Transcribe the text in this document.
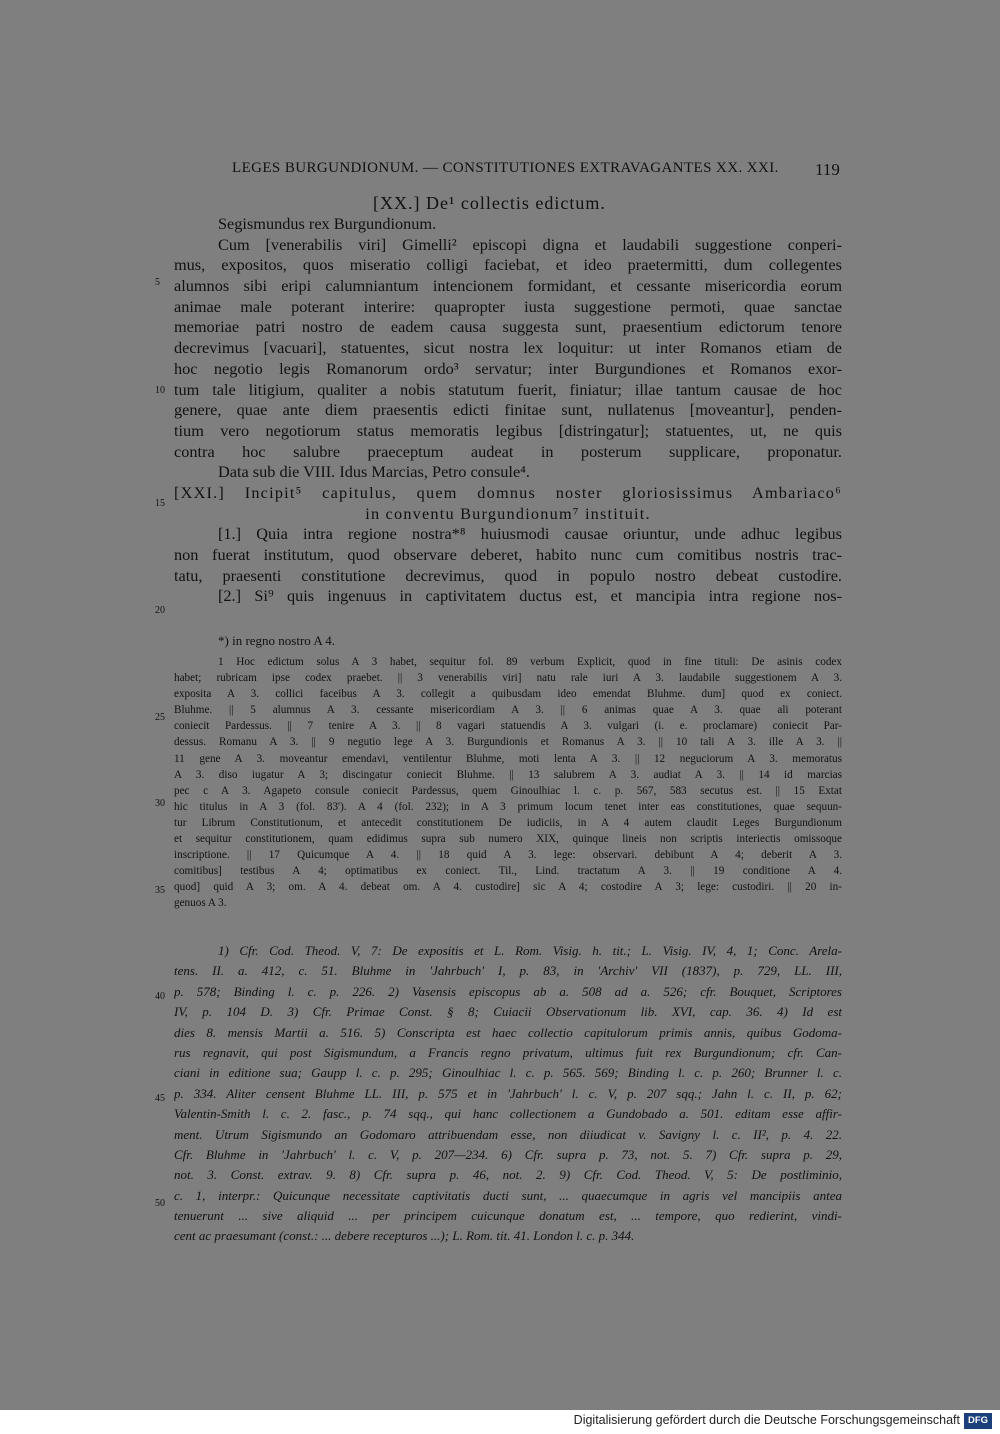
LEGES BURGUNDIONUM. — CONSTITUTIONES EXTRAVAGANTES XX. XXI. 119
[XX.] De¹ collectis edictum.
Segismundus rex Burgundionum.
Cum [venerabilis viri] Gimelli² episcopi digna et laudabili suggestione conperi-
mus, expositos, quos miseratio colligi faciebat, et ideo praetermitti, dum collegentes
alumnos sibi eripi calumniantum intencionem formidant, et cessante misericordia eorum
animae male poterant interire: quapropter iusta suggestione permoti, quae sanctae
memoriae patri nostro de eadem causa suggesta sunt, praesentium edictorum tenore
decrevimus [vacuari], statuentes, sicut nostra lex loquitur: ut inter Romanos etiam de
hoc negotio legis Romanorum ordo³ servatur; inter Burgundiones et Romanos exor-
tum tale litigium, qualiter a nobis statutum fuerit, finiatur; illae tantum causae de hoc
genere, quae ante diem praesentis edicti finitae sunt, nullatenus [moveantur], penden-
tium vero negotiorum status memoratis legibus [distringatur]; statuentes, ut, ne quis
contra hoc salubre praeceptum audeat in posterum supplicare, proponatur.
Data sub die VIII. Idus Marcias, Petro consule⁴.
[XXI.] Incipit⁵ capitulus, quem domnus noster gloriosissimus Ambariaco⁶
in conventu Burgundionum⁷ instituit.
[1.] Quia intra regione nostra*⁸ huiusmodi causae oriuntur, unde adhuc legibus
non fuerat institutum, quod observare deberet, habito nunc cum comitibus nostris trac-
tatu, praesenti constitutione decrevimus, quod in populo nostro debeat custodire.
[2.] Si⁹ quis ingenuus in captivitatem ductus est, et mancipia intra regione nos-
5
10
15
20
*) in regno nostro A 4.
1 Hoc edictum solus A 3 habet, sequitur fol. 89 verbum Explicit, quod in fine tituli: De asinis codex
habet; rubricam ipse codex praebet. || 3 venerabilis viri] natu rale iuri A 3. laudabile suggestionem A 3.
exposita A 3. collici faceibus A 3. collegit a quibusdam ideo emendat Bluhme. dum] quod ex coniect.
Bluhme. || 5 alumnus A 3. cessante misericordiam A 3. || 6 animas quae A 3. quae ali poterant
coniecit Pardessus. || 7 tenire A 3. || 8 vagari statuendis A 3. vulgari (i. e. proclamare) coniecit Par-
dessus. Romanu A 3. || 9 negutio lege A 3. Burgundionis et Romanus A 3. || 10 tali A 3. ille A 3. ||
11 gene A 3. moveantur emendavi, ventilentur Bluhme, moti lenta A 3. || 12 neguciorum A 3. memoratus
A 3. diso iugatur A 3; discingatur coniecit Bluhme. || 13 salubrem A 3. audiat A 3. || 14 id marcias
pec c A 3. Agapeto consule coniecit Pardessus, quem Ginoulhiac l. c. p. 567, 583 secutus est. || 15 Extat
hic titulus in A 3 (fol. 83'). A 4 (fol. 232); in A 3 primum locum tenet inter eas constitutiones, quae sequun-
tur Librum Constitutionum, et antecedit constitutionem De iudiciis, in A 4 autem claudit Leges Burgundionum
et sequitur constitutionem, quam edidimus supra sub numero XIX, quinque lineis non scriptis interiectis omissoque
inscriptione. || 17 Quicumque A 4. || 18 quid A 3. lege: observari. debibunt A 4; deberit A 3.
comitibus] testibus A 4; optimatibus ex coniect. Til., Lind. tractatum A 3. || 19 conditione A 4.
quod] quid A 3; om. A 4. debeat om. A 4. custodire] sic A 4; costodire A 3; lege: custodiri. || 20 in-
genuos A 3.
25
30
35
1) Cfr. Cod. Theod. V, 7: De expositis et L. Rom. Visig. h. tit.; L. Visig. IV, 4, 1; Conc. Arela-
tens. II. a. 412, c. 51. Bluhme in 'Jahrbuch' I, p. 83, in 'Archiv' VII (1837), p. 729, LL. III,
p. 578; Binding l. c. p. 226. 2) Vasensis episcopus ab a. 508 ad a. 526; cfr. Bouquet, Scriptores
IV, p. 104 D. 3) Cfr. Primae Const. § 8; Cuiacii Observationum lib. XVI, cap. 36. 4) Id est
dies 8. mensis Martii a. 516. 5) Conscripta est haec collectio capitulorum primis annis, quibus Godoma-
rus regnavit, qui post Sigismundum, a Francis regno privatum, ultimus fuit rex Burgundionum; cfr. Can-
ciani in editione sua; Gaupp l. c. p. 295; Ginoulhiac l. c. p. 565. 569; Binding l. c. p. 260; Brunner l. c.
p. 334. Aliter censent Bluhme LL. III, p. 575 et in 'Jahrbuch' l. c. V, p. 207 sqq.; Jahn l. c. II, p. 62;
Valentin-Smith l. c. 2. fasc., p. 74 sqq., qui hanc collectionem a Gundobado a. 501. editam esse affir-
ment. Utrum Sigismundo an Godomaro attribuendam esse, non diiudicat v. Savigny l. c. II², p. 4. 22.
Cfr. Bluhme in 'Jahrbuch' l. c. V, p. 207—234. 6) Cfr. supra p. 73, not. 5. 7) Cfr. supra p. 29,
not. 3. Const. extrav. 9. 8) Cfr. supra p. 46, not. 2. 9) Cfr. Cod. Theod. V, 5: De postliminio,
c. 1, interpr.: Quicunque necessitate captivitatis ducti sunt, ... quaecumque in agris vel mancipiis antea
tenuerunt ... sive aliquid ... per principem cuicunque donatum est, ... tempore, quo redierint, vindi-
cent ac praesumant (const.: ... debere recepturos ...); L. Rom. tit. 41. London l. c. p. 344.
40
45
50
Digitalisierung gefördert durch die Deutsche Forschungsgemeinschaft DFG
